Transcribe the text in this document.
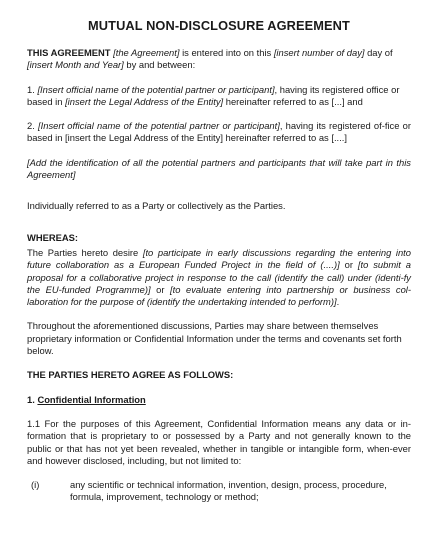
MUTUAL NON-DISCLOSURE AGREEMENT

THIS AGREEMENT [the Agreement] is entered into on this [insert number of day] day of [insert Month and Year] by and between:

1. [Insert official name of the potential partner or participant], having its registered office or based in [insert the Legal Address of the Entity] hereinafter referred to as [...] and

2. [Insert official name of the potential partner or participant], having its registered of-fice or based in [insert the Legal Address of the Entity] hereinafter referred to as [....]

[Add the identification of all the potential partners and participants that will take part in this Agreement]

Individually referred to as a Party or collectively as the Parties.

WHEREAS:

The Parties hereto desire [to participate in early discussions regarding the entering into future collaboration as a European Funded Project in the field of (....)] or [to submit a proposal for a collaborative project in response to the call (identify the call) under (identi-fy the EU-funded Programme)] or [to evaluate entering into partnership or business col-laboration for the purpose of (identify the undertaking intended to perform)].

Throughout the aforementioned discussions, Parties may share between themselves proprietary information or Confidential Information under the terms and covenants set forth below.

THE PARTIES HERETO AGREE AS FOLLOWS:

1. Confidential Information

1.1 For the purposes of this Agreement, Confidential Information means any data or in-formation that is proprietary to or possessed by a Party and not generally known to the public or that has not yet been revealed, whether in tangible or intangible form, when-ever and however disclosed, including, but not limited to:

(i)	any scientific or technical information, invention, design, process, procedure, formula, improvement, technology or method;
